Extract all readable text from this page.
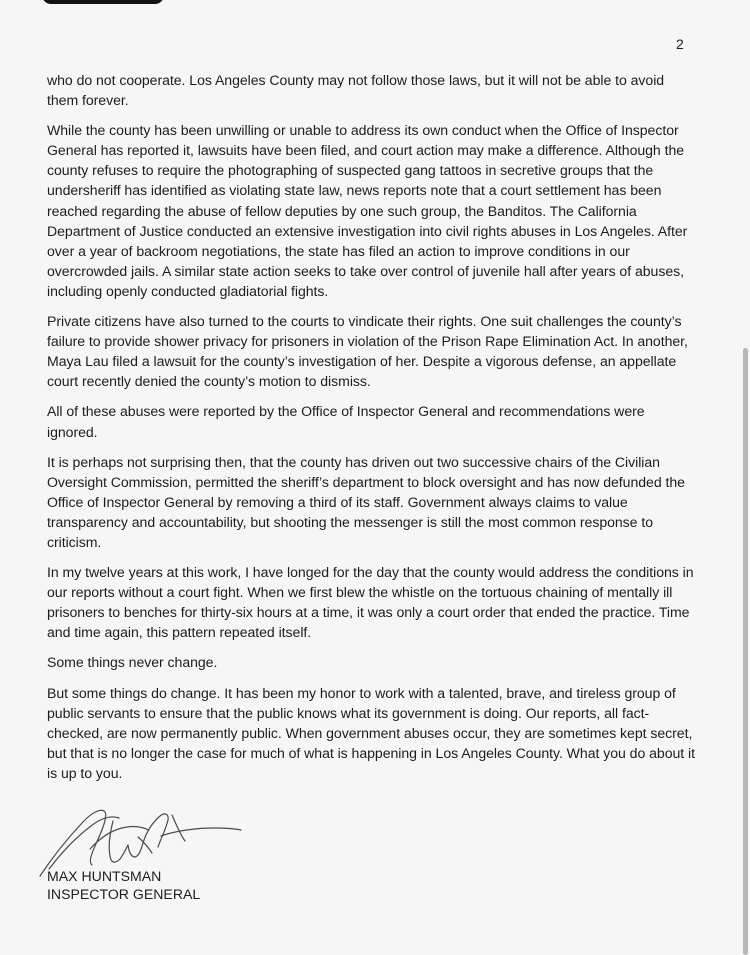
2

who do not cooperate. Los Angeles County may not follow those laws, but it will not be able to avoid them forever.

While the county has been unwilling or unable to address its own conduct when the Office of Inspector General has reported it, lawsuits have been filed, and court action may make a difference. Although the county refuses to require the photographing of suspected gang tattoos in secretive groups that the undersheriff has identified as violating state law, news reports note that a court settlement has been reached regarding the abuse of fellow deputies by one such group, the Banditos. The California Department of Justice conducted an extensive investigation into civil rights abuses in Los Angeles. After over a year of backroom negotiations, the state has filed an action to improve conditions in our overcrowded jails. A similar state action seeks to take over control of juvenile hall after years of abuses, including openly conducted gladiatorial fights.

Private citizens have also turned to the courts to vindicate their rights. One suit challenges the county’s failure to provide shower privacy for prisoners in violation of the Prison Rape Elimination Act. In another, Maya Lau filed a lawsuit for the county’s investigation of her. Despite a vigorous defense, an appellate court recently denied the county’s motion to dismiss.

All of these abuses were reported by the Office of Inspector General and recommendations were ignored.

It is perhaps not surprising then, that the county has driven out two successive chairs of the Civilian Oversight Commission, permitted the sheriff’s department to block oversight and has now defunded the Office of Inspector General by removing a third of its staff. Government always claims to value transparency and accountability, but shooting the messenger is still the most common response to criticism.

In my twelve years at this work, I have longed for the day that the county would address the conditions in our reports without a court fight. When we first blew the whistle on the tortuous chaining of mentally ill prisoners to benches for thirty-six hours at a time, it was only a court order that ended the practice. Time and time again, this pattern repeated itself.

Some things never change.

But some things do change. It has been my honor to work with a talented, brave, and tireless group of public servants to ensure that the public knows what its government is doing. Our reports, all fact-checked, are now permanently public. When government abuses occur, they are sometimes kept secret, but that is no longer the case for much of what is happening in Los Angeles County. What you do about it is up to you.

MAX HUNTSMAN
INSPECTOR GENERAL
